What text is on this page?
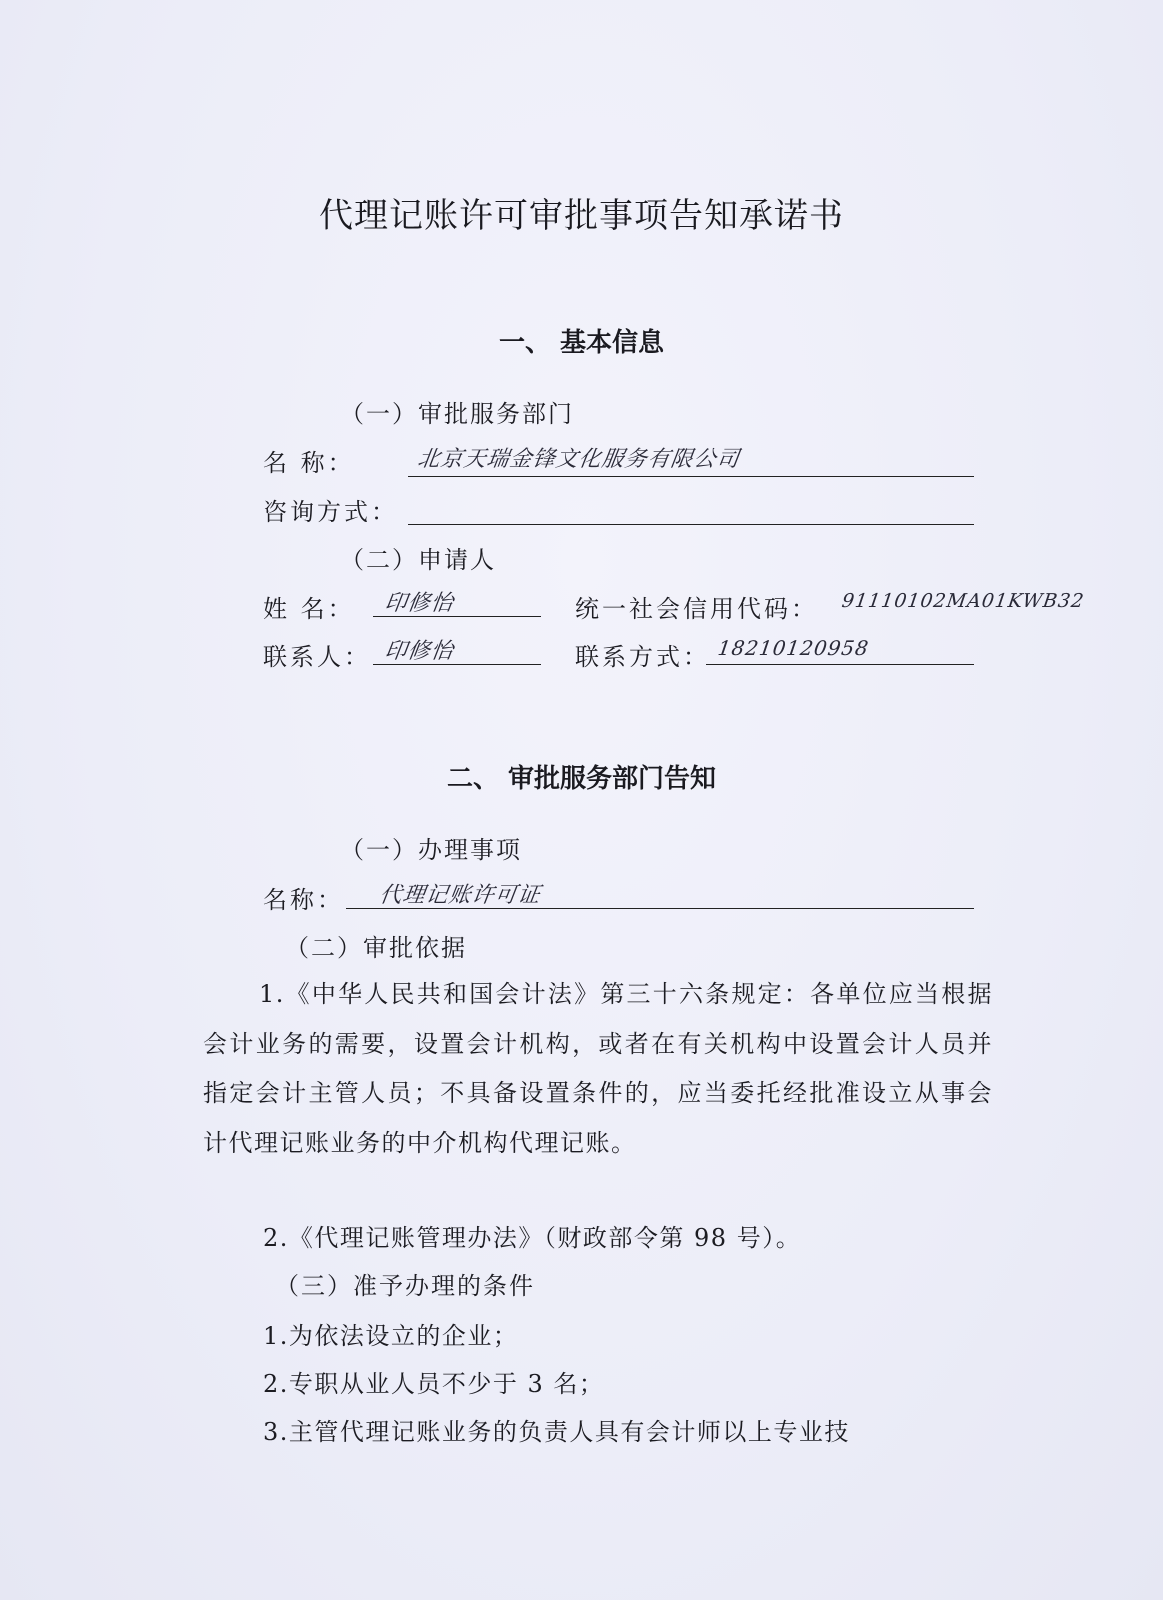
代理记账许可审批事项告知承诺书
一、 基本信息
（一）审批服务部门
名 称：	北京天瑞金锋文化服务有限公司
咨询方式：
（二）申请人
姓 名： 印修怡	统一社会信用代码： 91110102MA01KWB32
联系人： 印修怡	联系方式： 18210120958
二、 审批服务部门告知
（一）办理事项
名称： 代理记账许可证
（二）审批依据
1.《中华人民共和国会计法》第三十六条规定：各单位应当根据会计业务的需要，设置会计机构，或者在有关机构中设置会计人员并指定会计主管人员；不具备设置条件的，应当委托经批准设立从事会计代理记账业务的中介机构代理记账。
2.《代理记账管理办法》（财政部令第 98 号）。
（三）准予办理的条件
1.为依法设立的企业；
2.专职从业人员不少于 3 名；
3.主管代理记账业务的负责人具有会计师以上专业技
